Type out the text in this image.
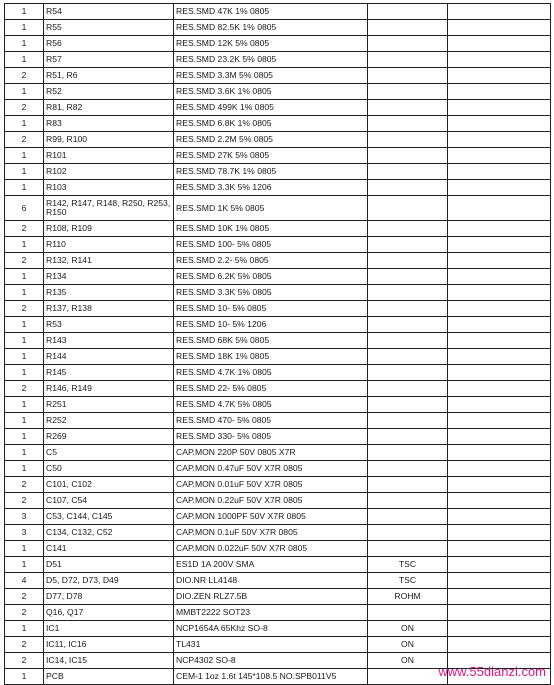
1	R54	RES.SMD 47K 1% 0805		
1	R55	RES.SMD 82.5K 1% 0805		
1	R56	RES.SMD 12K 5% 0805		
1	R57	RES.SMD 23.2K 5% 0805		
2	R51, R6	RES.SMD 3.3M 5% 0805		
1	R52	RES.SMD 3.6K 1% 0805		
2	R81, R82	RES.SMD 499K 1% 0805		
1	R83	RES.SMD 6.8K 1% 0805		
2	R99, R100	RES.SMD 2.2M 5% 0805		
1	R101	RES.SMD 27K 5% 0805		
1	R102	RES.SMD 78.7K 1% 0805		
1	R103	RES.SMD 3.3K 5% 1206		
6	R142, R147, R148, R250, R253, R150	RES.SMD 1K 5% 0805		
2	R108, R109	RES.SMD 10K 1% 0805		
1	R110	RES.SMD 100- 5% 0805		
2	R132, R141	RES.SMD 2.2- 5% 0805		
1	R134	RES.SMD 6.2K 5% 0805		
1	R135	RES.SMD 3.3K 5% 0805		
2	R137, R138	RES.SMD 10- 5% 0805		
1	R53	RES.SMD 10- 5% 1206		
1	R143	RES.SMD 68K 5% 0805		
1	R144	RES.SMD 18K 1% 0805		
1	R145	RES.SMD 4.7K 1% 0805		
2	R146, R149	RES.SMD 22- 5% 0805		
1	R251	RES.SMD 4.7K 5% 0805		
1	R252	RES.SMD 470- 5% 0805		
1	R269	RES.SMD 330- 5% 0805		
1	C5	CAP.MON 220P 50V 0805 X7R		
1	C50	CAP.MON 0.47uF 50V X7R 0805		
2	C101, C102	CAP.MON 0.01uF 50V X7R 0805		
2	C107, C54	CAP.MON 0.22uF 50V X7R 0805		
3	C53, C144, C145	CAP.MON 1000PF 50V X7R 0805		
3	C134, C132, C52	CAP.MON 0.1uF 50V X7R 0805		
1	C141	CAP.MON 0.022uF 50V X7R 0805		
1	D51	ES1D 1A 200V SMA	TSC	
4	D5, D72, D73, D49	DIO.NR LL4148	TSC	
2	D77, D78	DIO.ZEN RLZ7.5B	ROHM	
2	Q16, Q17	MMBT2222 SOT23		
1	IC1	NCP1654A 65Khz SO-8	ON	
2	IC11, IC16	TL431	ON	
2	IC14, IC15	NCP4302 SO-8	ON	
1	PCB	CEM-1 1oz 1.6t 145*108.5 NO.SPB011V5			www.55dianzi.com
